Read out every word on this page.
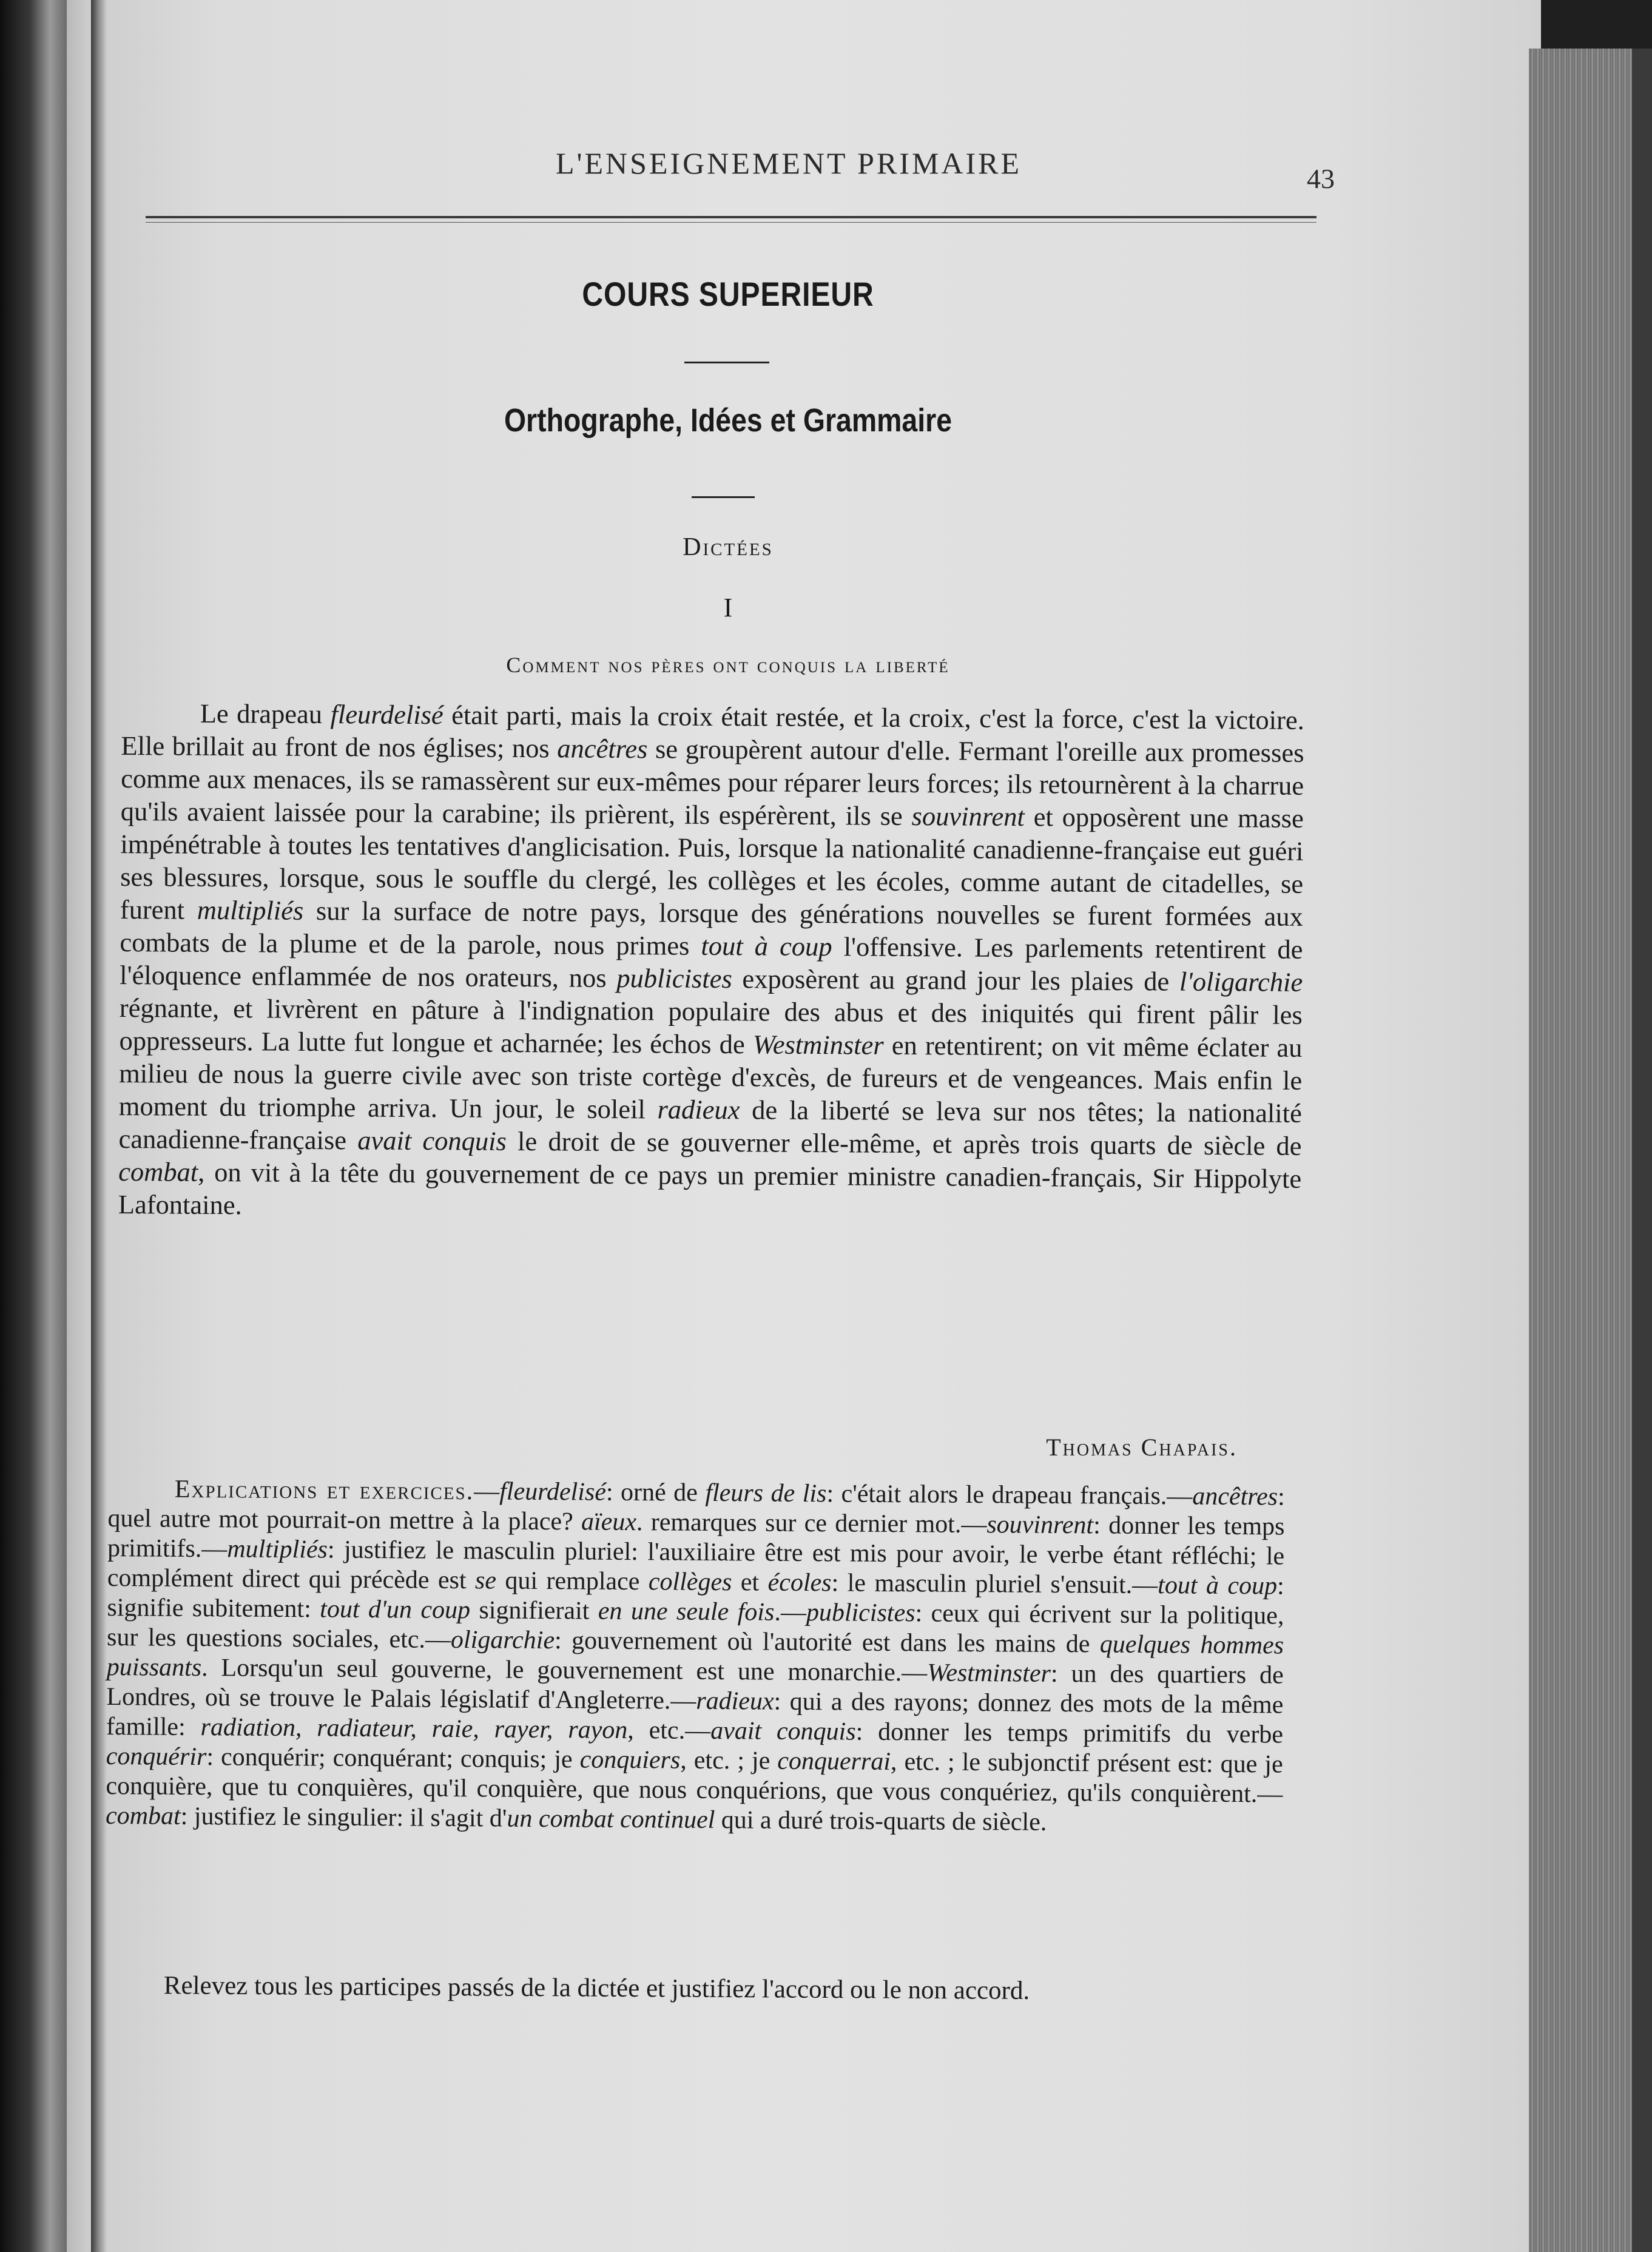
L'ENSEIGNEMENT PRIMAIRE	43
COURS SUPERIEUR
Orthographe, Idées et Grammaire
Dictées
I
Comment nos pères ont conquis la liberté
Le drapeau fleurdelisé était parti, mais la croix était restée, et la croix, c'est la force, c'est la victoire. Elle brillait au front de nos églises; nos ancêtres se groupèrent autour d'elle. Fermant l'oreille aux promesses comme aux menaces, ils se ramassèrent sur eux-mêmes pour réparer leurs forces; ils retournèrent à la charrue qu'ils avaient laissée pour la carabine; ils prièrent, ils espérèrent, ils se souvinrent et opposèrent une masse impénétrable à toutes les tentatives d'anglicisation. Puis, lorsque la nationalité canadienne-française eut guéri ses blessures, lorsque, sous le souffle du clergé, les collèges et les écoles, comme autant de citadelles, se furent multipliés sur la surface de notre pays, lorsque des générations nouvelles se furent formées aux combats de la plume et de la parole, nous primes tout à coup l'offensive. Les parlements retentirent de l'éloquence enflammée de nos orateurs, nos publicistes exposèrent au grand jour les plaies de l'oligarchie régnante, et livrèrent en pâture à l'indignation populaire des abus et des iniquités qui firent pâlir les oppresseurs. La lutte fut longue et acharnée; les échos de Westminster en retentirent; on vit même éclater au milieu de nous la guerre civile avec son triste cortège d'excès, de fureurs et de vengeances. Mais enfin le moment du triomphe arriva. Un jour, le soleil radieux de la liberté se leva sur nos têtes; la nationalité canadienne-française avait conquis le droit de se gouverner elle-même, et après trois quarts de siècle de combat, on vit à la tête du gouvernement de ce pays un premier ministre canadien-français, Sir Hippolyte Lafontaine.
Thomas Chapais.
Explications et exercices.—fleurdelisé: orné de fleurs de lis: c'était alors le drapeau français.—ancêtres: quel autre mot pourrait-on mettre à la place? aïeux. remarques sur ce dernier mot.—souvinrent: donner les temps primitifs.—multipliés: justifiez le masculin pluriel: l'auxiliaire être est mis pour avoir, le verbe étant réfléchi; le complément direct qui précède est se qui remplace collèges et écoles: le masculin pluriel s'ensuit.—tout à coup: signifie subitement: tout d'un coup signifierait en une seule fois.—publicistes: ceux qui écrivent sur la politique, sur les questions sociales, etc.—oligarchie: gouvernement où l'autorité est dans les mains de quelques hommes puissants. Lorsqu'un seul gouverne, le gouvernement est une monarchie.—Westminster: un des quartiers de Londres, où se trouve le Palais législatif d'Angleterre.—radieux: qui a des rayons; donnez des mots de la même famille: radiation, radiateur, raie, rayer, rayon, etc.—avait conquis: donner les temps primitifs du verbe conquérir: conquérir; conquérant; conquis; je conquiers, etc. ; je conquerrai, etc. ; le subjonctif présent est: que je conquière, que tu conquières, qu'il conquière, que nous conquérions, que vous conquériez, qu'ils conquièrent.—combat: justifiez le singulier: il s'agit d'un combat continuel qui a duré trois-quarts de siècle.
Relevez tous les participes passés de la dictée et justifiez l'accord ou le non accord.
